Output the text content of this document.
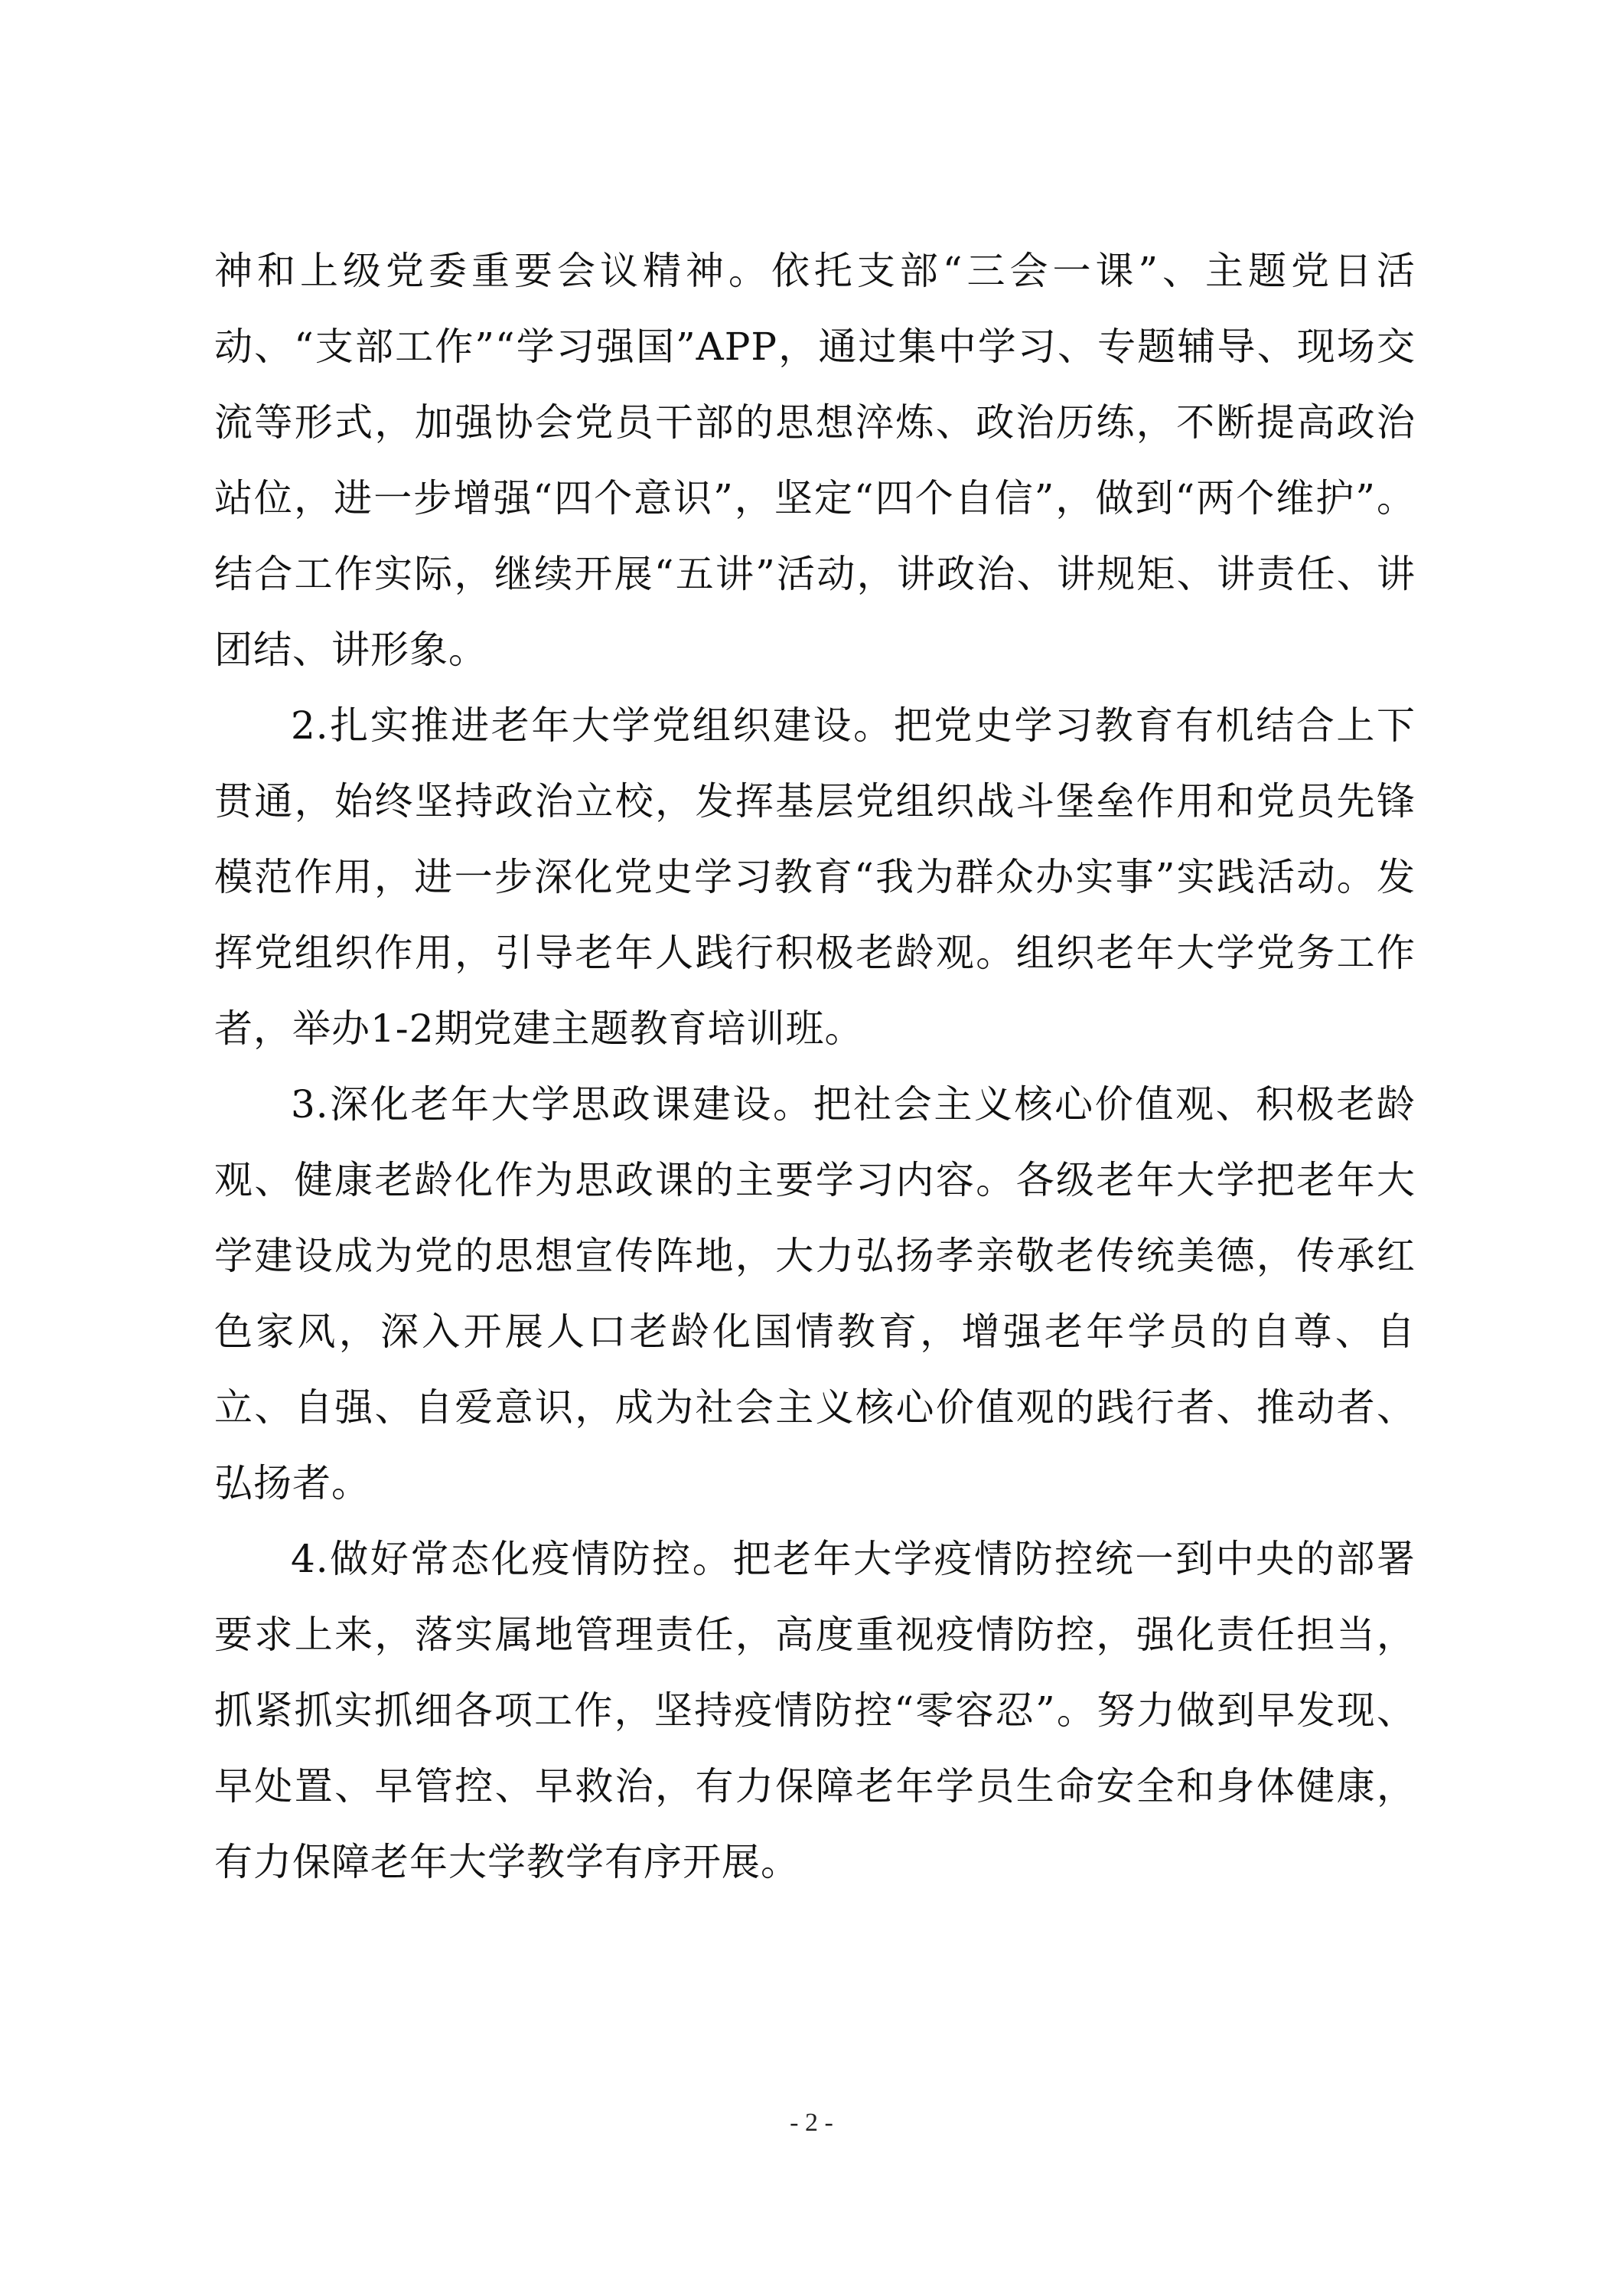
神和上级党委重要会议精神。依托支部“三会一课”、主题党日活动、“支部工作”“学习强国”APP，通过集中学习、专题辅导、现场交流等形式，加强协会党员干部的思想淬炼、政治历练，不断提高政治站位，进一步增强“四个意识”，坚定“四个自信”，做到“两个维护”。结合工作实际，继续开展“五讲”活动，讲政治、讲规矩、讲责任、讲团结、讲形象。

2.扎实推进老年大学党组织建设。把党史学习教育有机结合上下贯通，始终坚持政治立校，发挥基层党组织战斗堡垒作用和党员先锋模范作用，进一步深化党史学习教育“我为群众办实事”实践活动。发挥党组织作用，引导老年人践行积极老龄观。组织老年大学党务工作者，举办1-2期党建主题教育培训班。

3.深化老年大学思政课建设。把社会主义核心价值观、积极老龄观、健康老龄化作为思政课的主要学习内容。各级老年大学把老年大学建设成为党的思想宣传阵地，大力弘扬孝亲敬老传统美德，传承红色家风，深入开展人口老龄化国情教育，增强老年学员的自尊、自立、自强、自爱意识，成为社会主义核心价值观的践行者、推动者、弘扬者。

4.做好常态化疫情防控。把老年大学疫情防控统一到中央的部署要求上来，落实属地管理责任，高度重视疫情防控，强化责任担当，抓紧抓实抓细各项工作，坚持疫情防控“零容忍”。努力做到早发现、早处置、早管控、早救治，有力保障老年学员生命安全和身体健康，有力保障老年大学教学有序开展。

- 2 -
